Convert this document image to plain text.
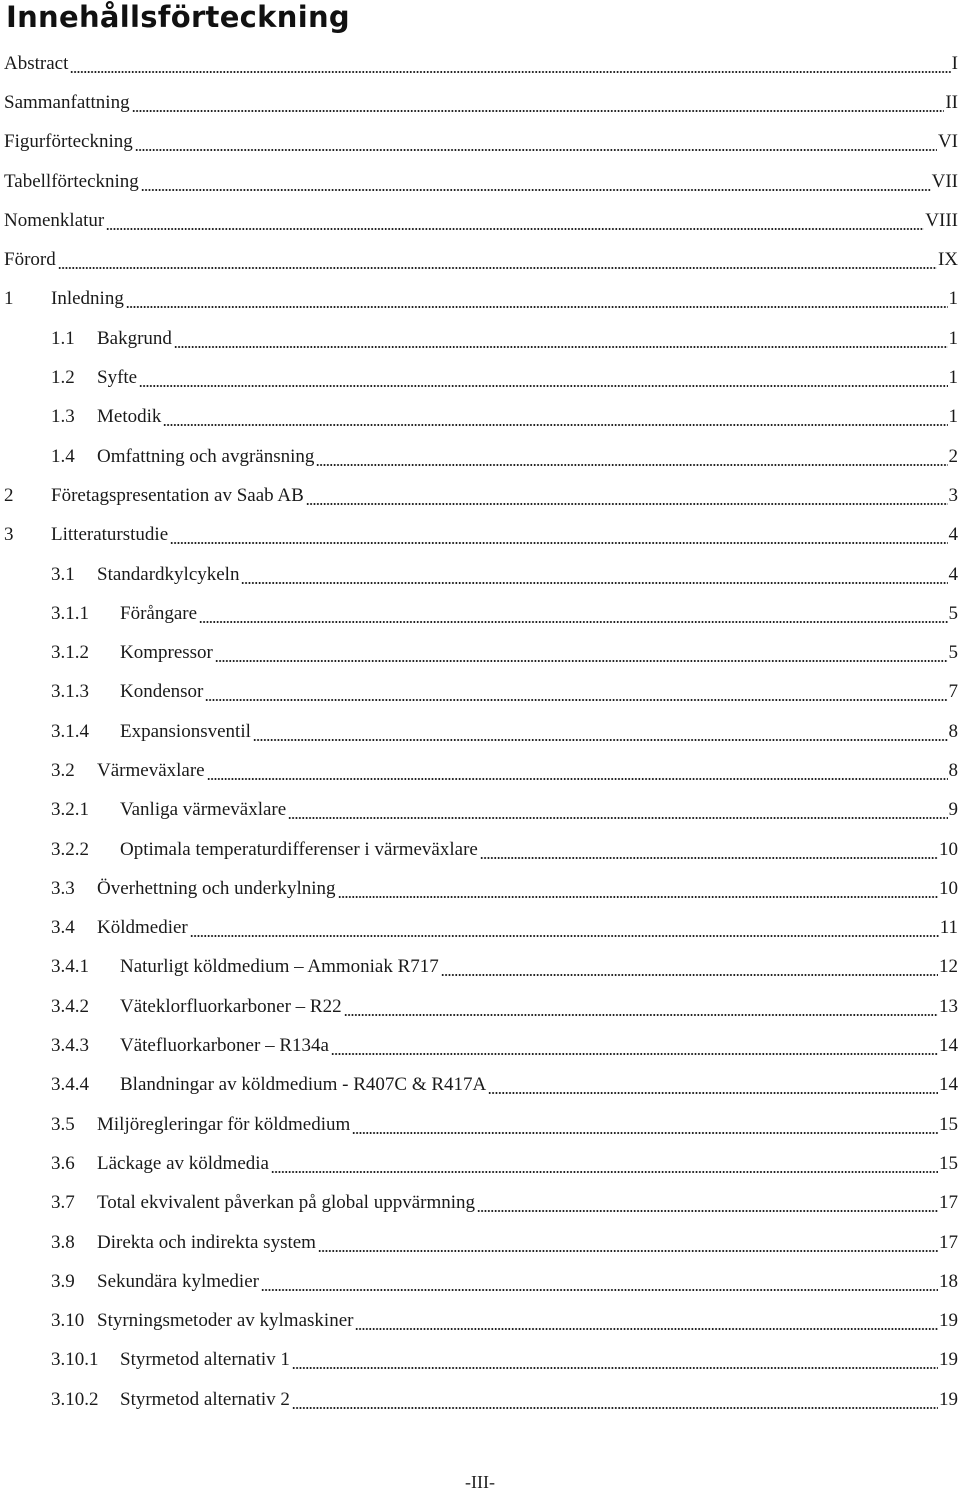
Innehållsförteckning
Abstract	I
Sammanfattning	II
Figurförteckning	VI
Tabellförteckning	VII
Nomenklatur	VIII
Förord	IX
1	Inledning	1
1.1	Bakgrund	1
1.2	Syfte	1
1.3	Metodik	1
1.4	Omfattning och avgränsning	2
2	Företagspresentation av Saab AB	3
3	Litteraturstudie	4
3.1	Standardkylcykeln	4
3.1.1	Förångare	5
3.1.2	Kompressor	5
3.1.3	Kondensor	7
3.1.4	Expansionsventil	8
3.2	Värmeväxlare	8
3.2.1	Vanliga värmeväxlare	9
3.2.2	Optimala temperaturdifferenser i värmeväxlare	10
3.3	Överhettning och underkylning	10
3.4	Köldmedier	11
3.4.1	Naturligt köldmedium – Ammoniak R717	12
3.4.2	Väteklorfluorkarboner – R22	13
3.4.3	Vätefluorkarboner – R134a	14
3.4.4	Blandningar av köldmedium - R407C & R417A	14
3.5	Miljöregleringar för köldmedium	15
3.6	Läckage av köldmedia	15
3.7	Total ekvivalent påverkan på global uppvärmning	17
3.8	Direkta och indirekta system	17
3.9	Sekundära kylmedier	18
3.10 Styrningsmetoder av kylmaskiner	19
3.10.1	Styrmetod alternativ 1	19
3.10.2	Styrmetod alternativ 2	19
-III-
